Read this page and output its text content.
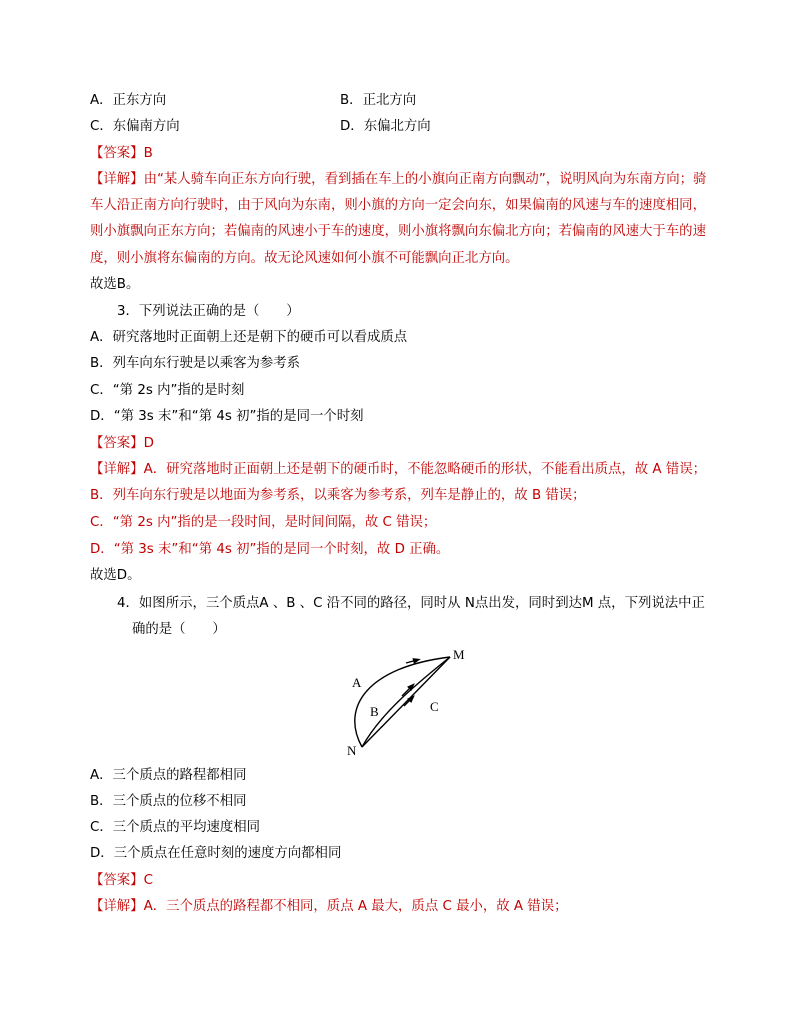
A．正东方向	B．正北方向
C．东偏南方向	D．东偏北方向
【答案】B
【详解】由“某人骑车向正东方向行驶，看到插在车上的小旗向正南方向飘动”，说明风向为东南方向；骑
车人沿正南方向行驶时，由于风向为东南，则小旗的方向一定会向东，如果偏南的风速与车的速度相同，
则小旗飘向正东方向；若偏南的风速小于车的速度，则小旗将飘向东偏北方向；若偏南的风速大于车的速
度，则小旗将东偏南的方向。故无论风速如何小旗不可能飘向正北方向。
故选B。
3．下列说法正确的是（　　）
A．研究落地时正面朝上还是朝下的硬币可以看成质点
B．列车向东行驶是以乘客为参考系
C．“第 2s 内”指的是时刻
D．“第 3s 末”和“第 4s 初”指的是同一个时刻
【答案】D
【详解】A．研究落地时正面朝上还是朝下的硬币时，不能忽略硬币的形状，不能看出质点，故 A 错误；
B．列车向东行驶是以地面为参考系，以乘客为参考系，列车是静止的，故 B 错误；
C．“第 2s 内”指的是一段时间，是时间间隔，故 C 错误；
D．“第 3s 末”和“第 4s 初”指的是同一个时刻，故 D 正确。
故选D。
4．如图所示，三个质点A 、B 、C 沿不同的路径，同时从 N点出发，同时到达M 点，下列说法中正
确的是（　　）
M
N
A
B	C
A．三个质点的路程都相同
B．三个质点的位移不相同
C．三个质点的平均速度相同
D．三个质点在任意时刻的速度方向都相同
【答案】C
【详解】A．三个质点的路程都不相同，质点 A 最大，质点 C 最小，故 A 错误；
